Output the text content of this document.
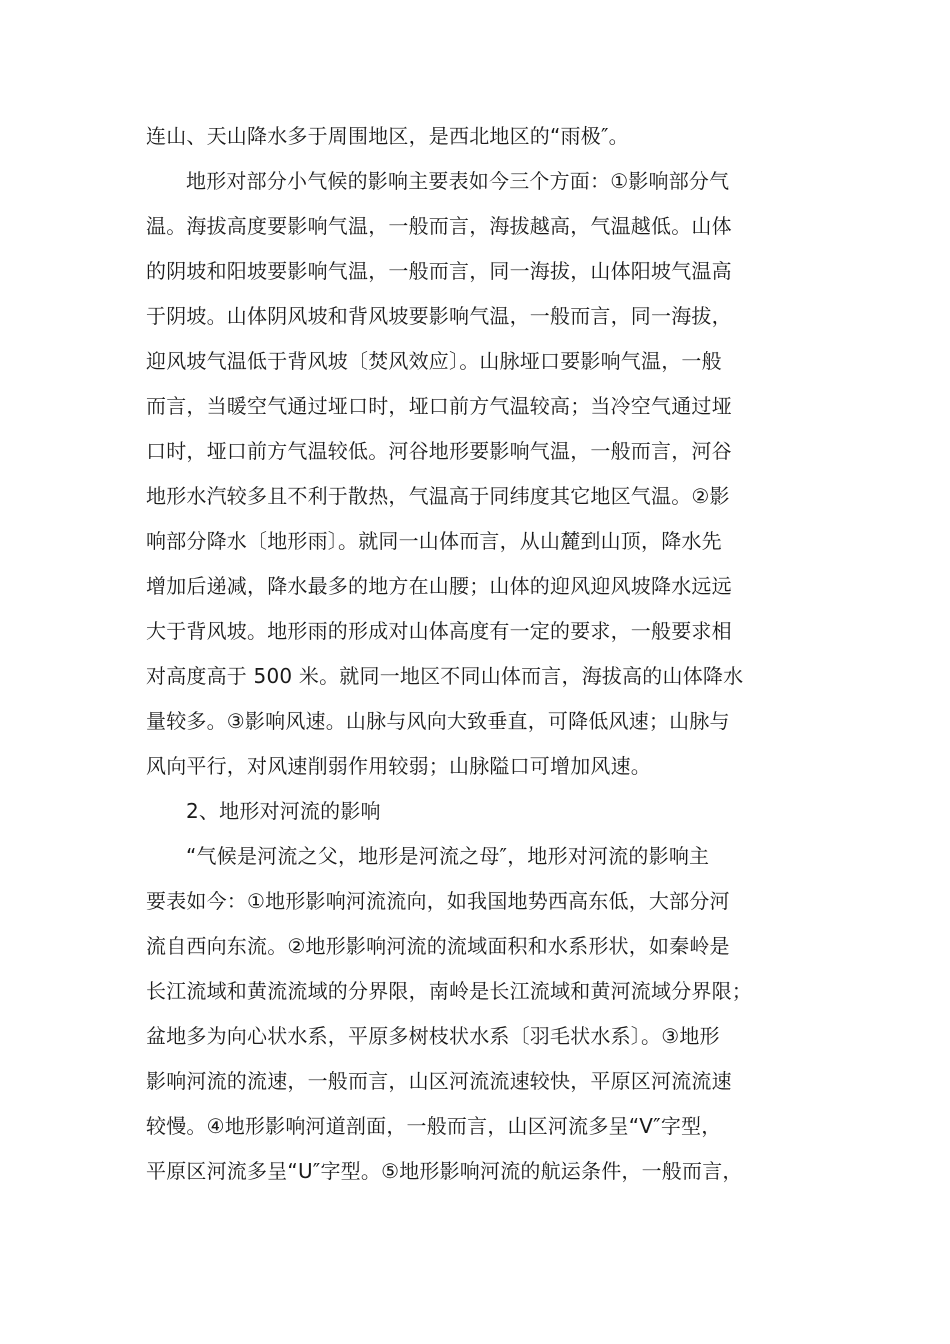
连山、天山降水多于周围地区，是西北地区的“雨极″。
地形对部分小气候的影响主要表如今三个方面：①影响部分气
温。海拔高度要影响气温，一般而言，海拔越高，气温越低。山体
的阴坡和阳坡要影响气温，一般而言，同一海拔，山体阳坡气温高
于阴坡。山体阴风坡和背风坡要影响气温，一般而言，同一海拔，
迎风坡气温低于背风坡〔焚风效应〕。山脉垭口要影响气温，一般
而言，当暖空气通过垭口时，垭口前方气温较高；当冷空气通过垭
口时，垭口前方气温较低。河谷地形要影响气温，一般而言，河谷
地形水汽较多且不利于散热，气温高于同纬度其它地区气温。②影
响部分降水〔地形雨〕。就同一山体而言，从山麓到山顶，降水先
增加后递减，降水最多的地方在山腰；山体的迎风迎风坡降水远远
大于背风坡。地形雨的形成对山体高度有一定的要求，一般要求相
对高度高于 500 米。就同一地区不同山体而言，海拔高的山体降水
量较多。③影响风速。山脉与风向大致垂直，可降低风速；山脉与
风向平行，对风速削弱作用较弱；山脉隘口可增加风速。
2、地形对河流的影响
“气候是河流之父，地形是河流之母″，地形对河流的影响主
要表如今：①地形影响河流流向，如我国地势西高东低，大部分河
流自西向东流。②地形影响河流的流域面积和水系形状，如秦岭是
长江流域和黄流流域的分界限，南岭是长江流域和黄河流域分界限；
盆地多为向心状水系，平原多树枝状水系〔羽毛状水系〕。③地形
影响河流的流速，一般而言，山区河流流速较快，平原区河流流速
较慢。④地形影响河道剖面，一般而言，山区河流多呈“V″字型，
平原区河流多呈“U″字型。⑤地形影响河流的航运条件，一般而言，
